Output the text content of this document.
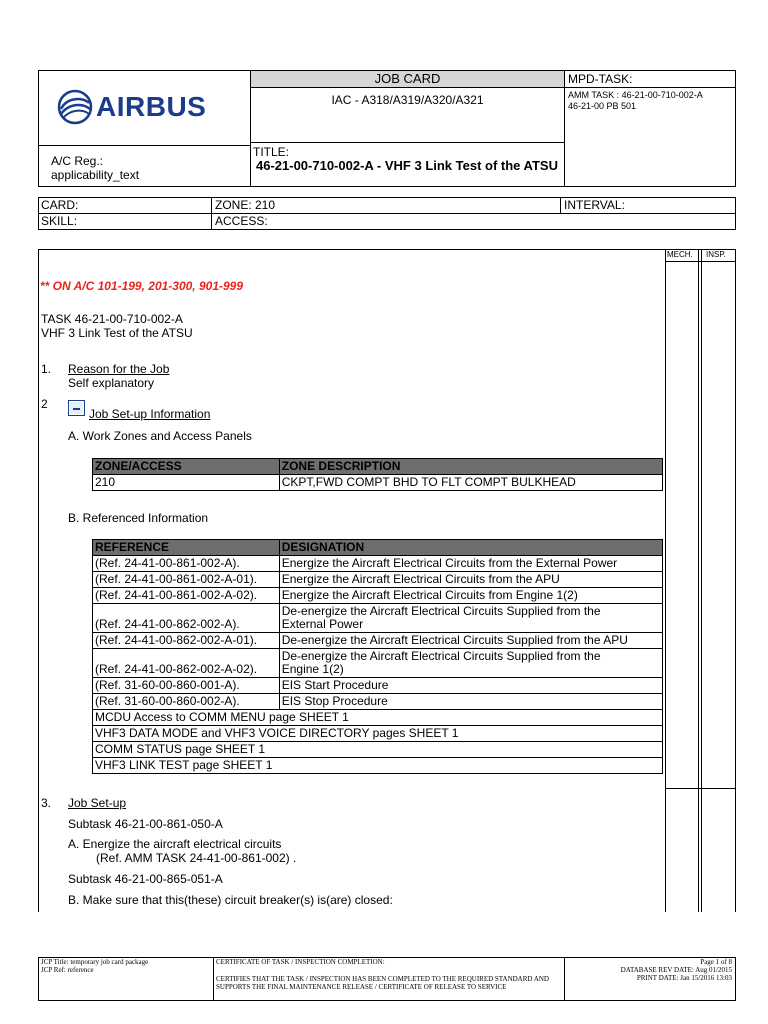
JOB CARD	MPD-TASK:
IAC - A318/A319/A320/A321	AMM TASK : 46-21-00-710-002-A
46-21-00 PB 501
AIRBUS
A/C Reg.:
applicability_text
TITLE:
46-21-00-710-002-A - VHF 3 Link Test of the ATSU
CARD:	ZONE: 210	INTERVAL:
SKILL:	ACCESS:
MECH. INSP.
** ON A/C 101-199, 201-300, 901-999
TASK 46-21-00-710-002-A
VHF 3 Link Test of the ATSU
1. Reason for the Job
Self explanatory
2
Job Set-up Information
A. Work Zones and Access Panels
ZONE/ACCESS	ZONE DESCRIPTION
210	CKPT,FWD COMPT BHD TO FLT COMPT BULKHEAD
B. Referenced Information
REFERENCE	DESIGNATION
(Ref. 24-41-00-861-002-A).	Energize the Aircraft Electrical Circuits from the External Power

(Ref. 24-41-00-861-002-A-01).	Energize the Aircraft Electrical Circuits from the APU

(Ref. 24-41-00-861-002-A-02).	Energize the Aircraft Electrical Circuits from Engine 1(2)

(Ref. 24-41-00-862-002-A).	De-energize the Aircraft Electrical Circuits Supplied from the
External Power

(Ref. 24-41-00-862-002-A-01).	De-energize the Aircraft Electrical Circuits Supplied from the APU

(Ref. 24-41-00-862-002-A-02).	De-energize the Aircraft Electrical Circuits Supplied from the
Engine 1(2)

(Ref. 31-60-00-860-001-A).	EIS Start Procedure

(Ref. 31-60-00-860-002-A).	EIS Stop Procedure

MCDU Access to COMM MENU page SHEET 1	
VHF3 DATA MODE and VHF3 VOICE DIRECTORY pages SHEET 1	
COMM STATUS page SHEET 1	
VHF3 LINK TEST page SHEET 1	
3. Job Set-up
Subtask 46-21-00-861-050-A
A. Energize the aircraft electrical circuits
(Ref. AMM TASK 24-41-00-861-002) .
Subtask 46-21-00-865-051-A
B. Make sure that this(these) circuit breaker(s) is(are) closed:
JCP Title: temporary job card package
JCP Ref: reference
CERTIFICATE OF TASK / INSPECTION COMPLETION:
CERTIFIES THAT THE TASK / INSPECTION HAS BEEN COMPLETED TO THE REQUIRED STANDARD AND SUPPORTS THE FINAL MAINTENANCE RELEASE / CERTIFICATE OF RELEASE TO SERVICE
Page 1 of 8
DATABASE REV DATE: Aug 01/2015
PRINT DATE: Jan 15/2016 13:03
